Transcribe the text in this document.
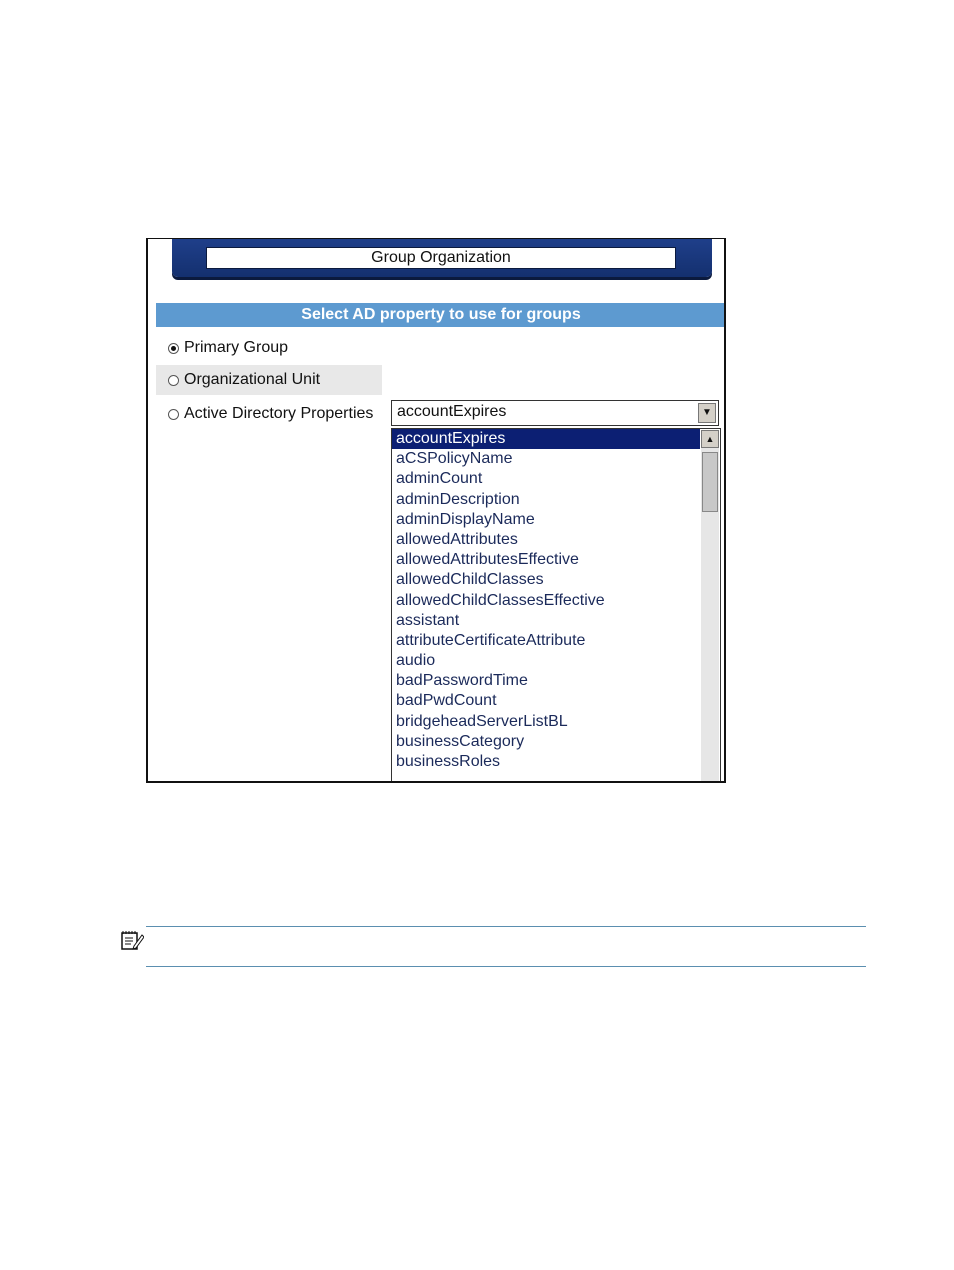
Group Organization
Select AD property to use for groups
Primary Group
Organizational Unit
Active Directory Properties accountExpires	▼
accountExpires
aCSPolicyName
adminCount
adminDescription
adminDisplayName
allowedAttributes
allowedAttributesEffective
allowedChildClasses
allowedChildClassesEffective
assistant
attributeCertificateAttribute
audio
badPasswordTime
badPwdCount
bridgeheadServerListBL
businessCategory
businessRoles
▲
